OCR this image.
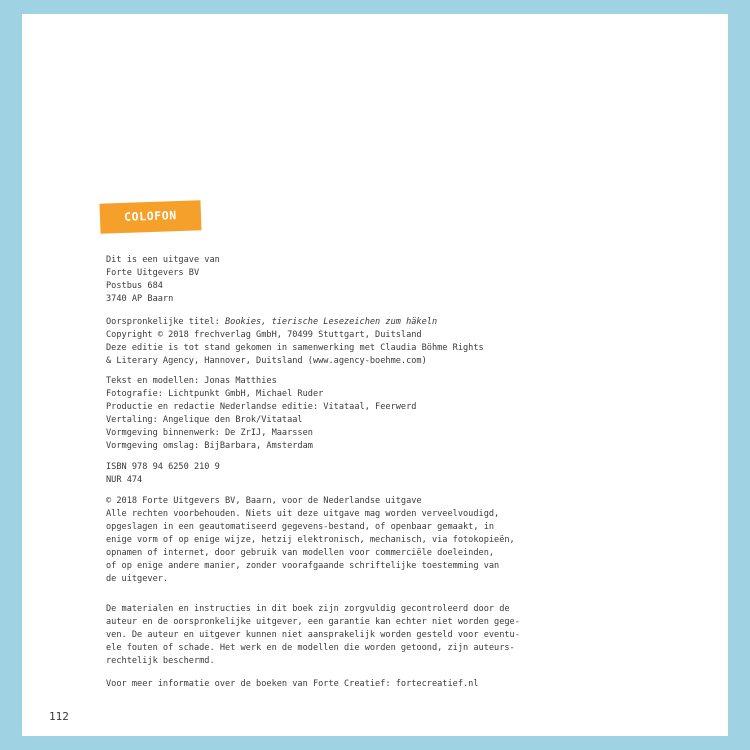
COLOFON
Dit is een uitgave van
Forte Uitgevers BV
Postbus 684
3740 AP Baarn
Oorspronkelijke titel: Bookies, tierische Lesezeichen zum häkeln
Copyright © 2018 frechverlag GmbH, 70499 Stuttgart, Duitsland
Deze editie is tot stand gekomen in samenwerking met Claudia Böhme Rights
& Literary Agency, Hannover, Duitsland (www.agency-boehme.com)
Tekst en modellen: Jonas Matthies
Fotografie: Lichtpunkt GmbH, Michael Ruder
Productie en redactie Nederlandse editie: Vitataal, Feerwerd
Vertaling: Angelique den Brok/Vitataal
Vormgeving binnenwerk: De ZrIJ, Maarssen
Vormgeving omslag: BijBarbara, Amsterdam
ISBN 978 94 6250 210 9
NUR 474
© 2018 Forte Uitgevers BV, Baarn, voor de Nederlandse uitgave
Alle rechten voorbehouden. Niets uit deze uitgave mag worden verveelvoudigd,
opgeslagen in een geautomatiseerd gegevens-bestand, of openbaar gemaakt, in
enige vorm of op enige wijze, hetzij elektronisch, mechanisch, via fotokopieën,
opnamen of internet, door gebruik van modellen voor commerciële doeleinden,
of op enige andere manier, zonder voorafgaande schriftelijke toestemming van
de uitgever.
De materialen en instructies in dit boek zijn zorgvuldig gecontroleerd door de
auteur en de oorspronkelijke uitgever, een garantie kan echter niet worden gege-
ven. De auteur en uitgever kunnen niet aansprakelijk worden gesteld voor eventu-
ele fouten of schade. Het werk en de modellen die worden getoond, zijn auteurs-
rechtelijk beschermd.
Voor meer informatie over de boeken van Forte Creatief: fortecreatief.nl
112
